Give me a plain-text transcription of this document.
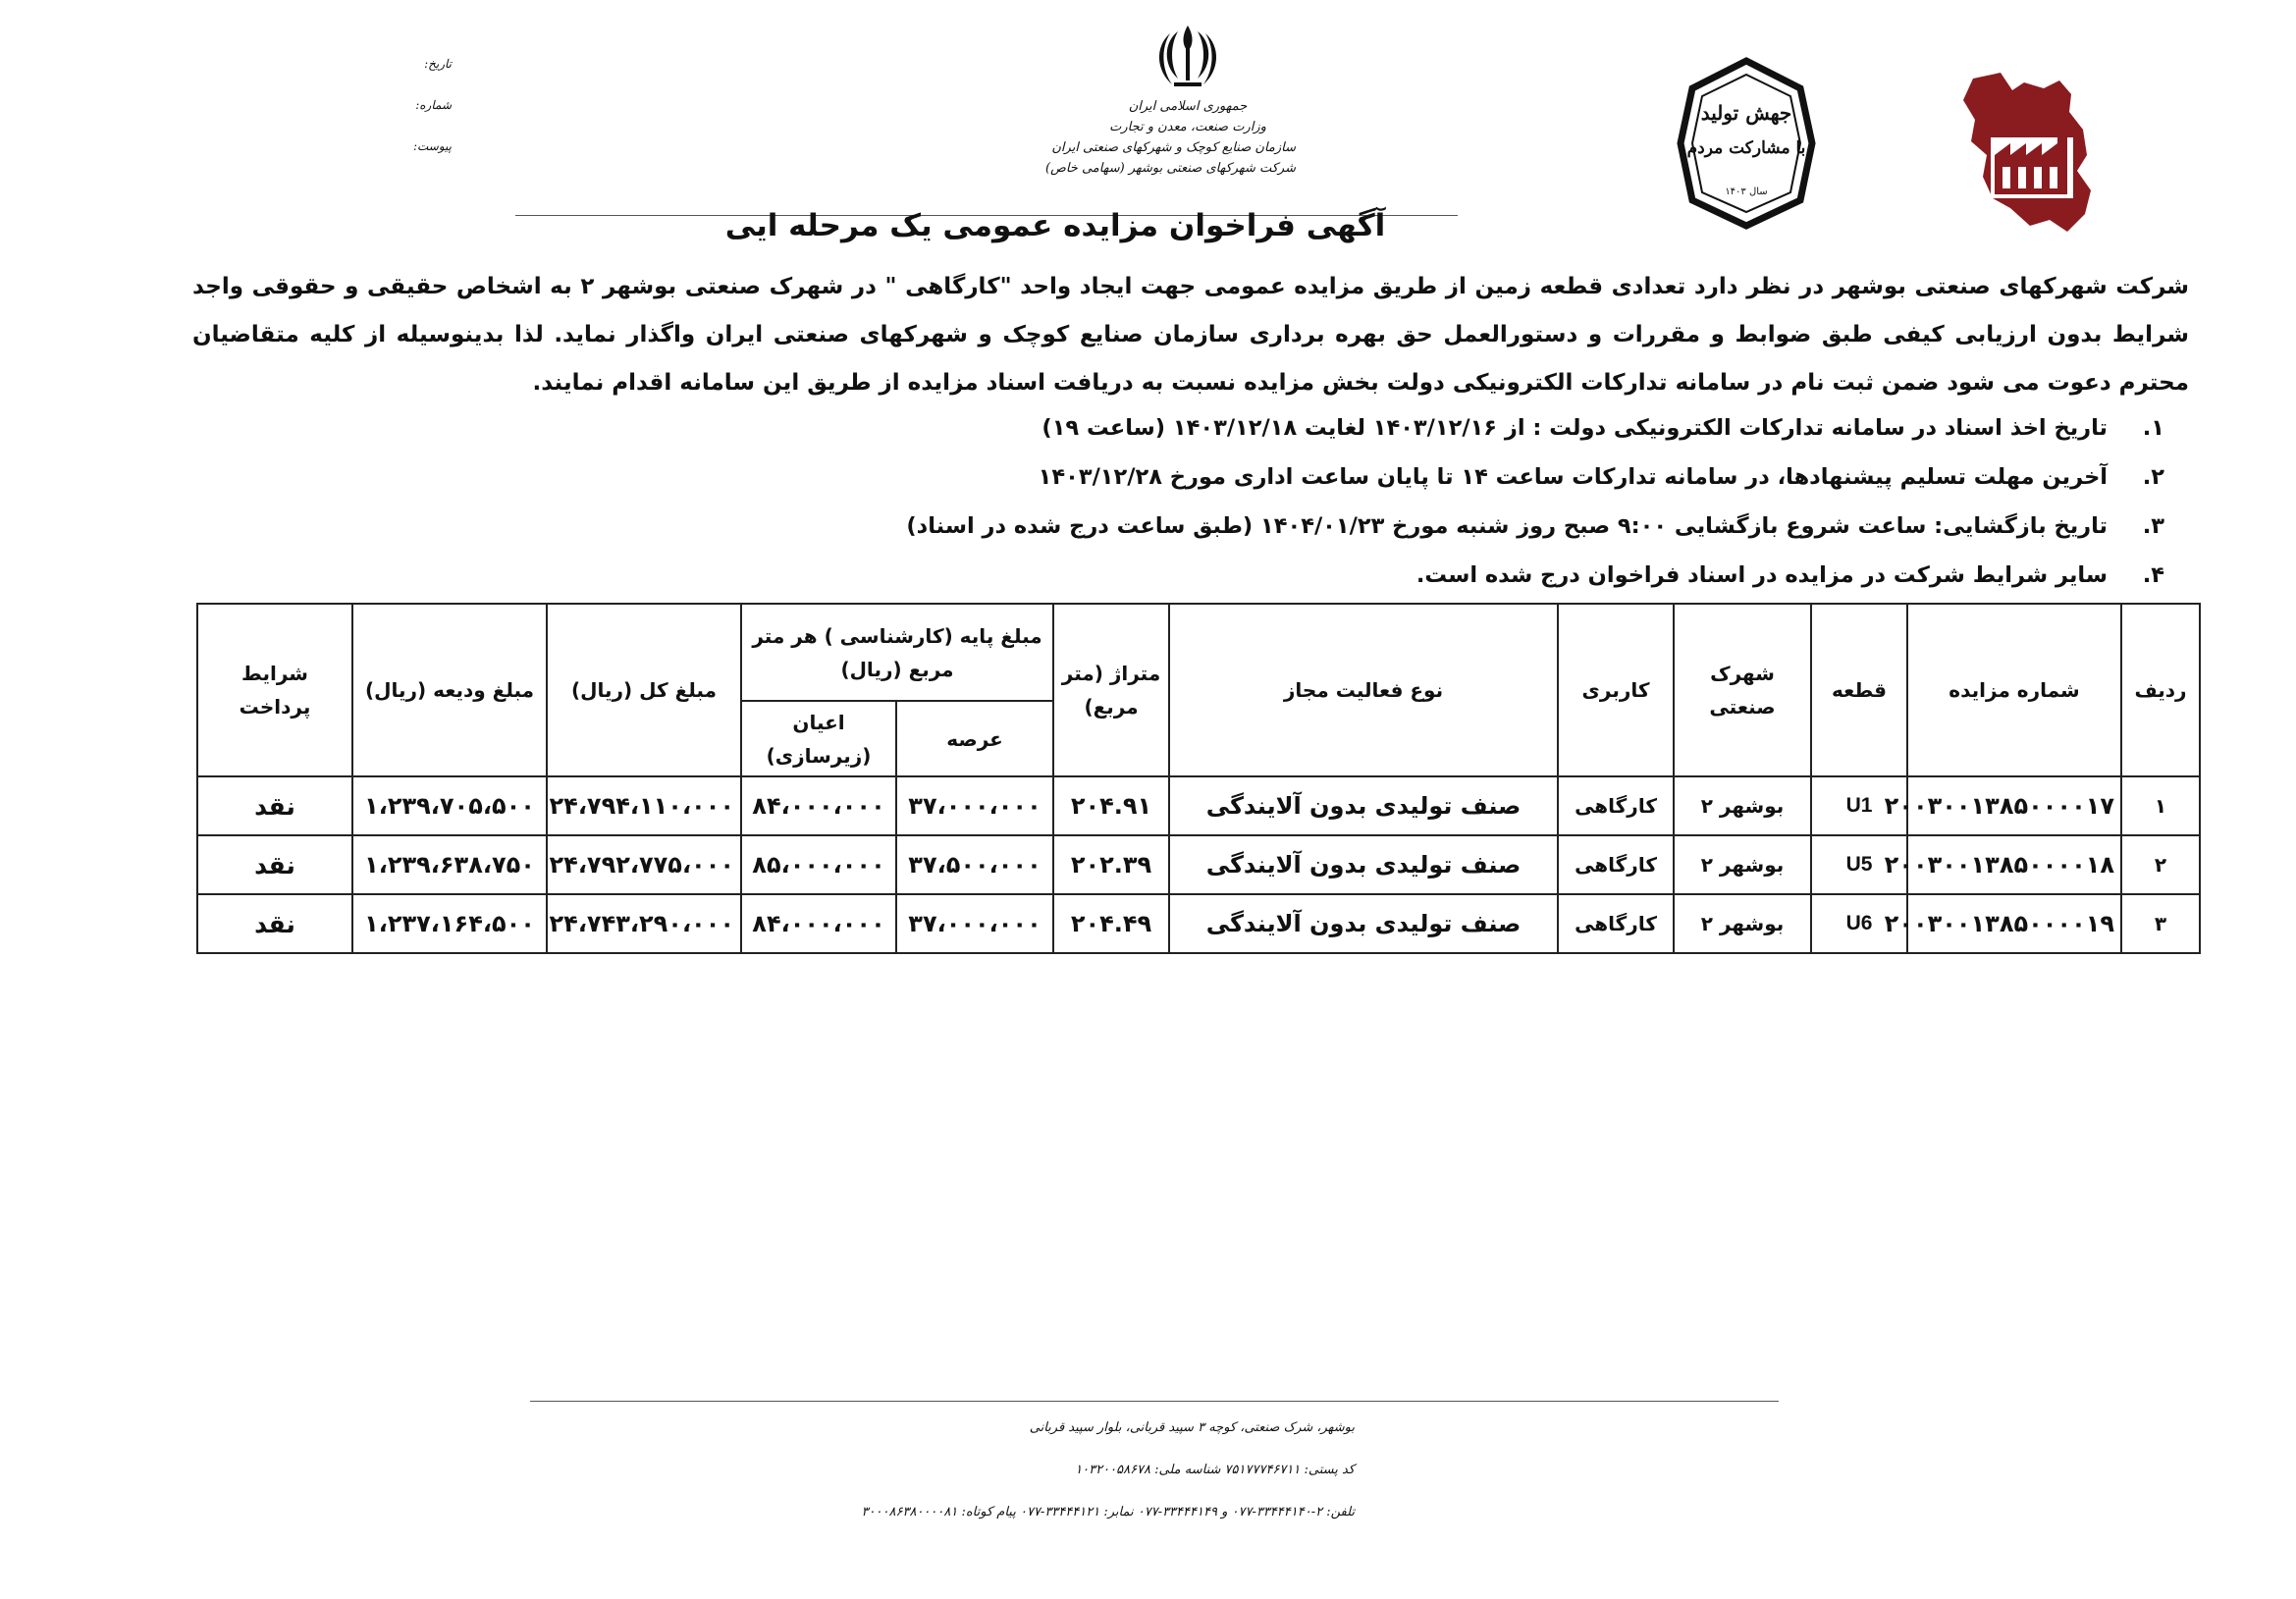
جهش تولید
با مشارکت مردم
سال ۱۴۰۳
جمهوری اسلامی ایران
وزارت صنعت، معدن و تجارت
سازمان صنایع کوچک و شهرکهای صنعتی ایران
شرکت شهرکهای صنعتی بوشهر (سهامی خاص)
تاریخ:
شماره:
پیوست:
آگهی فراخوان مزایده عمومی یک مرحله ایی
شرکت شهرکهای صنعتی بوشهر در نظر دارد تعدادی قطعه زمین از طریق مزایده عمومی جهت ایجاد واحد "کارگاهی " در شهرک صنعتی بوشهر ۲ به اشخاص حقیقی و حقوقی واجد شرایط بدون ارزیابی کیفی طبق ضوابط و مقررات و دستورالعمل حق بهره برداری سازمان صنایع کوچک و شهرکهای صنعتی ایران واگذار نماید. لذا بدینوسیله از کلیه متقاضیان محترم دعوت می شود ضمن ثبت نام در سامانه تدارکات الکترونیکی دولت بخش مزایده نسبت به دریافت اسناد مزایده از طریق این سامانه اقدام نمایند.
۱.تاریخ اخذ اسناد در سامانه تدارکات الکترونیکی دولت : از ۱۴۰۳/۱۲/۱۶ لغایت ۱۴۰۳/۱۲/۱۸ (ساعت ۱۹)
۲.آخرین مهلت تسلیم پیشنهادها، در سامانه تدارکات ساعت ۱۴ تا پایان ساعت اداری مورخ ۱۴۰۳/۱۲/۲۸
۳.تاریخ بازگشایی: ساعت شروع بازگشایی ۹:۰۰ صبح روز شنبه مورخ ۱۴۰۴/۰۱/۲۳ (طبق ساعت درج شده در اسناد)
۴.سایر شرایط شرکت در مزایده در اسناد فراخوان درج شده است.
ردیف	شماره مزایده	قطعه	شهرک صنعتی	کاربری	نوع فعالیت مجاز	متراژ (متر مربع)	مبلغ پایه (کارشناسی ) هر متر مربع (ریال)		مبلغ کل (ریال)	مبلغ ودیعه (ریال)	شرایط پرداخت
							عرصه	اعیان (زیرسازی)			
۱	۲۰۰۳۰۰۱۳۸۵۰۰۰۰۱۷	U1	بوشهر ۲	کارگاهی	صنف تولیدی بدون آلایندگی	۲۰۴.۹۱	۳۷،۰۰۰،۰۰۰	۸۴،۰۰۰،۰۰۰	۲۴،۷۹۴،۱۱۰،۰۰۰	۱،۲۳۹،۷۰۵،۵۰۰	نقد
۲	۲۰۰۳۰۰۱۳۸۵۰۰۰۰۱۸	U5	بوشهر ۲	کارگاهی	صنف تولیدی بدون آلایندگی	۲۰۲.۳۹	۳۷،۵۰۰،۰۰۰	۸۵،۰۰۰،۰۰۰	۲۴،۷۹۲،۷۷۵،۰۰۰	۱،۲۳۹،۶۳۸،۷۵۰	نقد
۳	۲۰۰۳۰۰۱۳۸۵۰۰۰۰۱۹	U6	بوشهر ۲	کارگاهی	صنف تولیدی بدون آلایندگی	۲۰۴.۴۹	۳۷،۰۰۰،۰۰۰	۸۴،۰۰۰،۰۰۰	۲۴،۷۴۳،۲۹۰،۰۰۰	۱،۲۳۷،۱۶۴،۵۰۰	نقد
بوشهر، شرک صنعتی، کوچه ۳ سپید قربانی، بلوار سپید قربانی
کد پستی: ۷۵۱۷۷۷۴۶۷۱۱ شناسه ملی: ۱۰۳۲۰۰۵۸۶۷۸
تلفن: ۲-۳۳۴۴۴۱۴۰-۰۷۷ و ۳۳۴۴۴۱۴۹-۰۷۷ نمابر: ۳۳۴۴۴۱۲۱-۰۷۷ پیام کوتاه: ۳۰۰۰۸۶۳۸۰۰۰۰۸۱
